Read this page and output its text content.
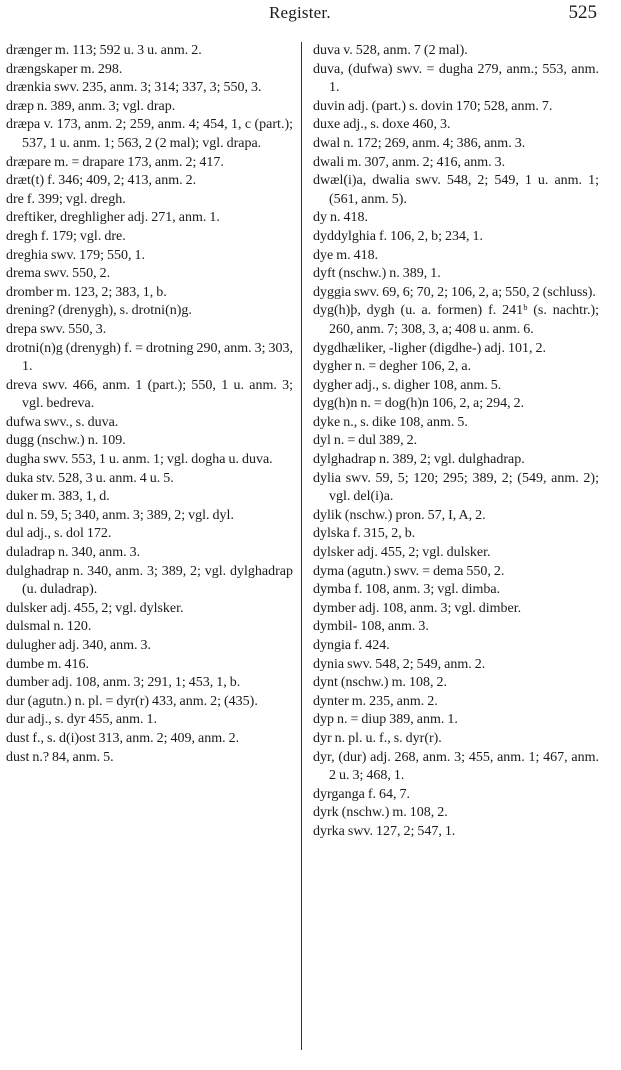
Register.	525

drænger m. 113; 592 u. 3 u. anm. 2.

drængskaper m. 298.

drænkia swv. 235, anm. 3; 314; 337, 3; 550, 3.

dræp n. 389, anm. 3; vgl. drap.

dræpa v. 173, anm. 2; 259, anm. 4; 454, 1, c (part.); 537, 1 u. anm. 1; 563, 2 (2 mal); vgl. drapa.

dræpare m. = drapare 173, anm. 2; 417.

dræt(t) f. 346; 409, 2; 413, anm. 2.

dre f. 399; vgl. dregh.

dreftiker, dreghligher adj. 271, anm. 1.

dregh f. 179; vgl. dre.

dreghia swv. 179; 550, 1.

drema swv. 550, 2.

dromber m. 123, 2; 383, 1, b.

drening? (drenygh), s. drotni(n)g.

drepa swv. 550, 3.

drotni(n)g (drenygh) f. = drotning 290, anm. 3; 303, 1.

dreva swv. 466, anm. 1 (part.); 550, 1 u. anm. 3; vgl. bedreva.

dufwa swv., s. duva.

dugg (nschw.) n. 109.

dugha swv. 553, 1 u. anm. 1; vgl. dogha u. duva.

duka stv. 528, 3 u. anm. 4 u. 5.

duker m. 383, 1, d.

dul n. 59, 5; 340, anm. 3; 389, 2; vgl. dyl.

dul adj., s. dol 172.

duladrap n. 340, anm. 3.

dulghadrap n. 340, anm. 3; 389, 2; vgl. dylghadrap (u. duladrap).

dulsker adj. 455, 2; vgl. dylsker.

dulsmal n. 120.

dulugher adj. 340, anm. 3.

dumbe m. 416.

dumber adj. 108, anm. 3; 291, 1; 453, 1, b.

dur (agutn.) n. pl. = dyr(r) 433, anm. 2; (435).

dur adj., s. dyr 455, anm. 1.

dust f., s. d(i)ost 313, anm. 2; 409, anm. 2.

dust n.? 84, anm. 5.

duva v. 528, anm. 7 (2 mal).

duva, (dufwa) swv. = dugha 279, anm.; 553, anm. 1.

duvin adj. (part.) s. dovin 170; 528, anm. 7.

duxe adj., s. doxe 460, 3.

dwal n. 172; 269, anm. 4; 386, anm. 3.

dwali m. 307, anm. 2; 416, anm. 3.

dwæl(i)a, dwalia swv. 548, 2; 549, 1 u. anm. 1; (561, anm. 5).

dy n. 418.

dyddylghia f. 106, 2, b; 234, 1.

dye m. 418.

dyft (nschw.) n. 389, 1.

dyggia swv. 69, 6; 70, 2; 106, 2, a; 550, 2 (schluss).

dyg(h)þ, dygh (u. a. formen) f. 241ᵇ (s. nachtr.); 260, anm. 7; 308, 3, a; 408 u. anm. 6.

dygdhæliker, -ligher (digdhe-) adj. 101, 2.

dygher n. = degher 106, 2, a.

dygher adj., s. digher 108, anm. 5.

dyg(h)n n. = dog(h)n 106, 2, a; 294, 2.

dyke n., s. dike 108, anm. 5.

dyl n. = dul 389, 2.

dylghadrap n. 389, 2; vgl. dulghadrap.

dylia swv. 59, 5; 120; 295; 389, 2; (549, anm. 2); vgl. del(i)a.

dylik (nschw.) pron. 57, I, A, 2.

dylska f. 315, 2, b.

dylsker adj. 455, 2; vgl. dulsker.

dyma (agutn.) swv. = dema 550, 2.

dymba f. 108, anm. 3; vgl. dimba.

dymber adj. 108, anm. 3; vgl. dimber.

dymbil- 108, anm. 3.

dyngia f. 424.

dynia swv. 548, 2; 549, anm. 2.

dynt (nschw.) m. 108, 2.

dynter m. 235, anm. 2.

dyp n. = diup 389, anm. 1.

dyr n. pl. u. f., s. dyr(r).

dyr, (dur) adj. 268, anm. 3; 455, anm. 1; 467, anm. 2 u. 3; 468, 1.

dyrganga f. 64, 7.

dyrk (nschw.) m. 108, 2.

dyrka swv. 127, 2; 547, 1.
